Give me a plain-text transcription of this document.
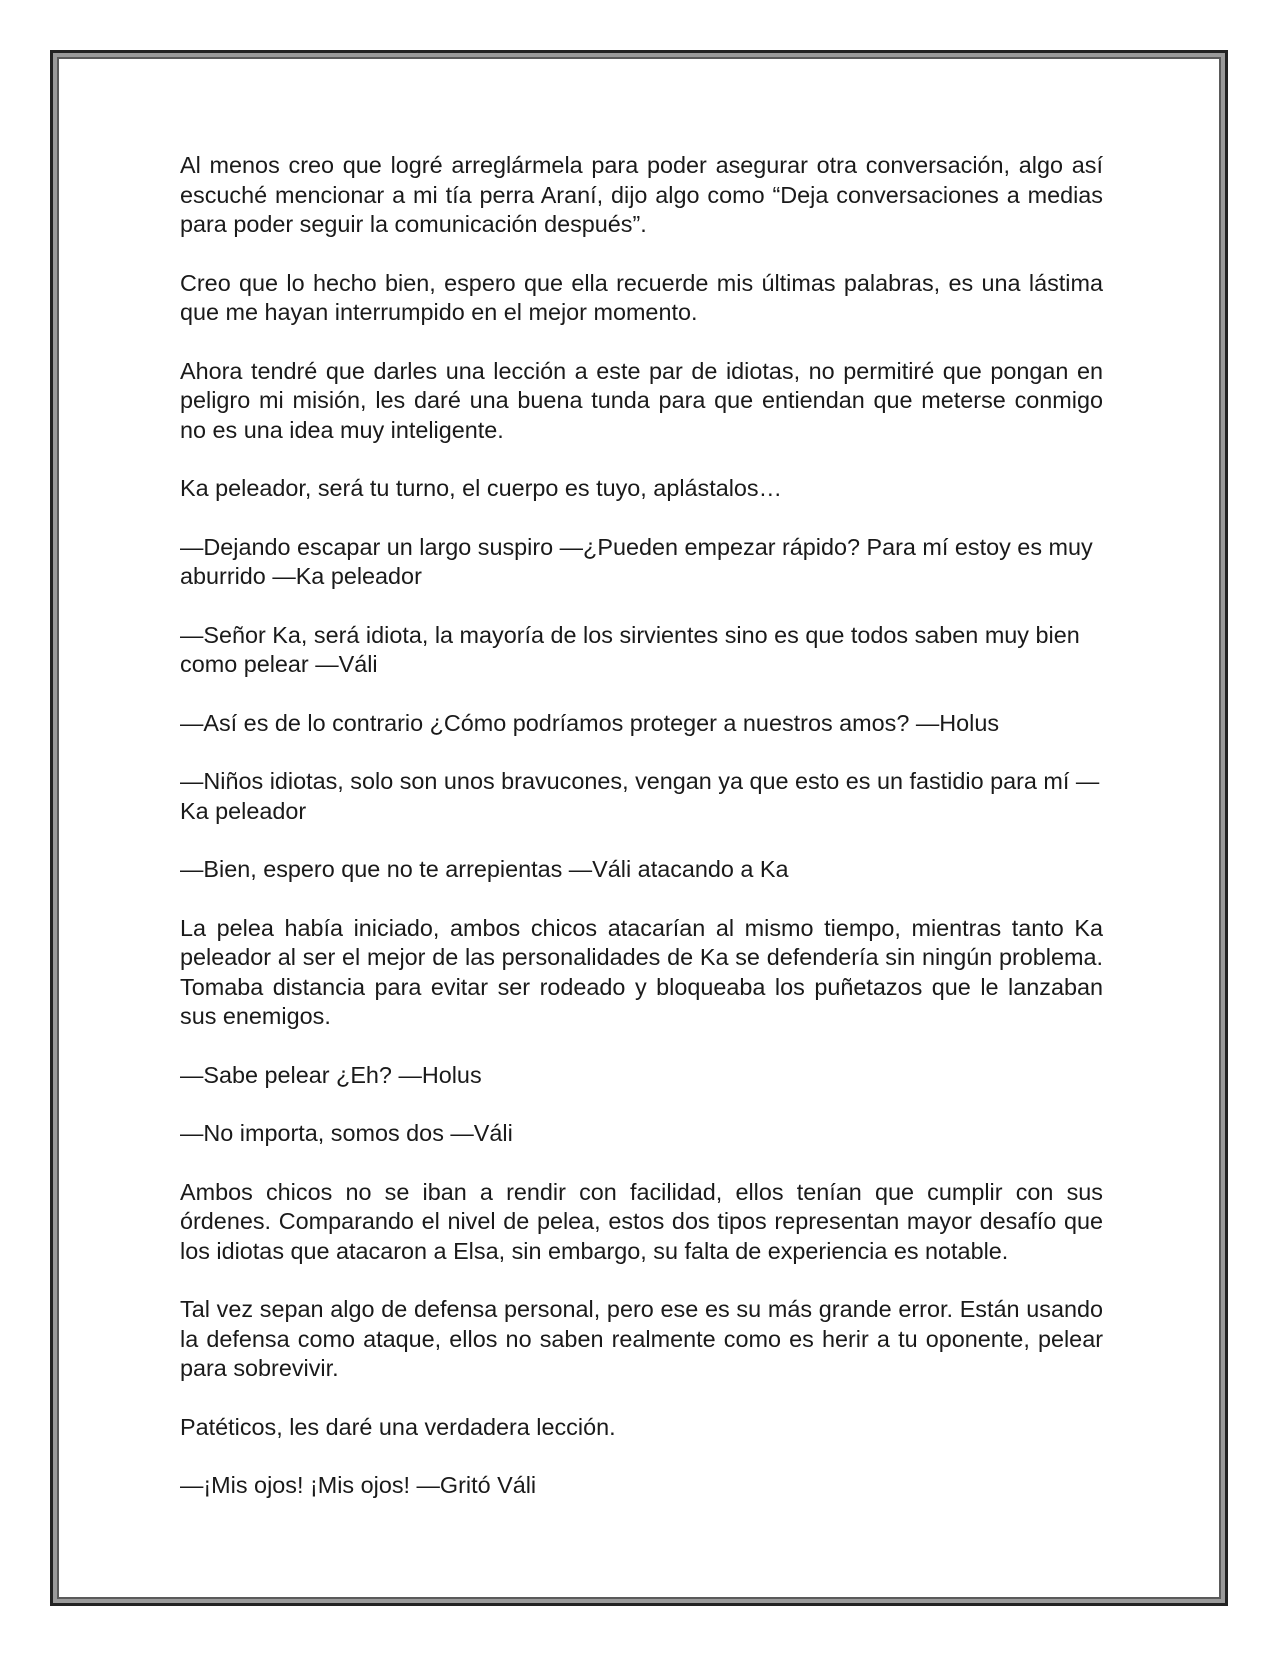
Al menos creo que logré arreglármela para poder asegurar otra conversación, algo así escuché mencionar a mi tía perra Araní, dijo algo como “Deja conversaciones a medias para poder seguir la comunicación después”.

Creo que lo hecho bien, espero que ella recuerde mis últimas palabras, es una lástima que me hayan interrumpido en el mejor momento.

Ahora tendré que darles una lección a este par de idiotas, no permitiré que pongan en peligro mi misión, les daré una buena tunda para que entiendan que meterse conmigo no es una idea muy inteligente.

Ka peleador, será tu turno, el cuerpo es tuyo, aplástalos…

—Dejando escapar un largo suspiro —¿Pueden empezar rápido? Para mí estoy es muy aburrido —Ka peleador

—Señor Ka, será idiota, la mayoría de los sirvientes sino es que todos saben muy bien como pelear —Váli

—Así es de lo contrario ¿Cómo podríamos proteger a nuestros amos? —Holus

—Niños idiotas, solo son unos bravucones, vengan ya que esto es un fastidio para mí —Ka peleador

—Bien, espero que no te arrepientas —Váli atacando a Ka

La pelea había iniciado, ambos chicos atacarían al mismo tiempo, mientras tanto Ka peleador al ser el mejor de las personalidades de Ka se defendería sin ningún problema. Tomaba distancia para evitar ser rodeado y bloqueaba los puñetazos que le lanzaban sus enemigos.

—Sabe pelear ¿Eh? —Holus

—No importa, somos dos —Váli

Ambos chicos no se iban a rendir con facilidad, ellos tenían que cumplir con sus órdenes. Comparando el nivel de pelea, estos dos tipos representan mayor desafío que los idiotas que atacaron a Elsa, sin embargo, su falta de experiencia es notable.

Tal vez sepan algo de defensa personal, pero ese es su más grande error. Están usando la defensa como ataque, ellos no saben realmente como es herir a tu oponente, pelear para sobrevivir.

Patéticos, les daré una verdadera lección.

—¡Mis ojos! ¡Mis ojos! —Gritó Váli
